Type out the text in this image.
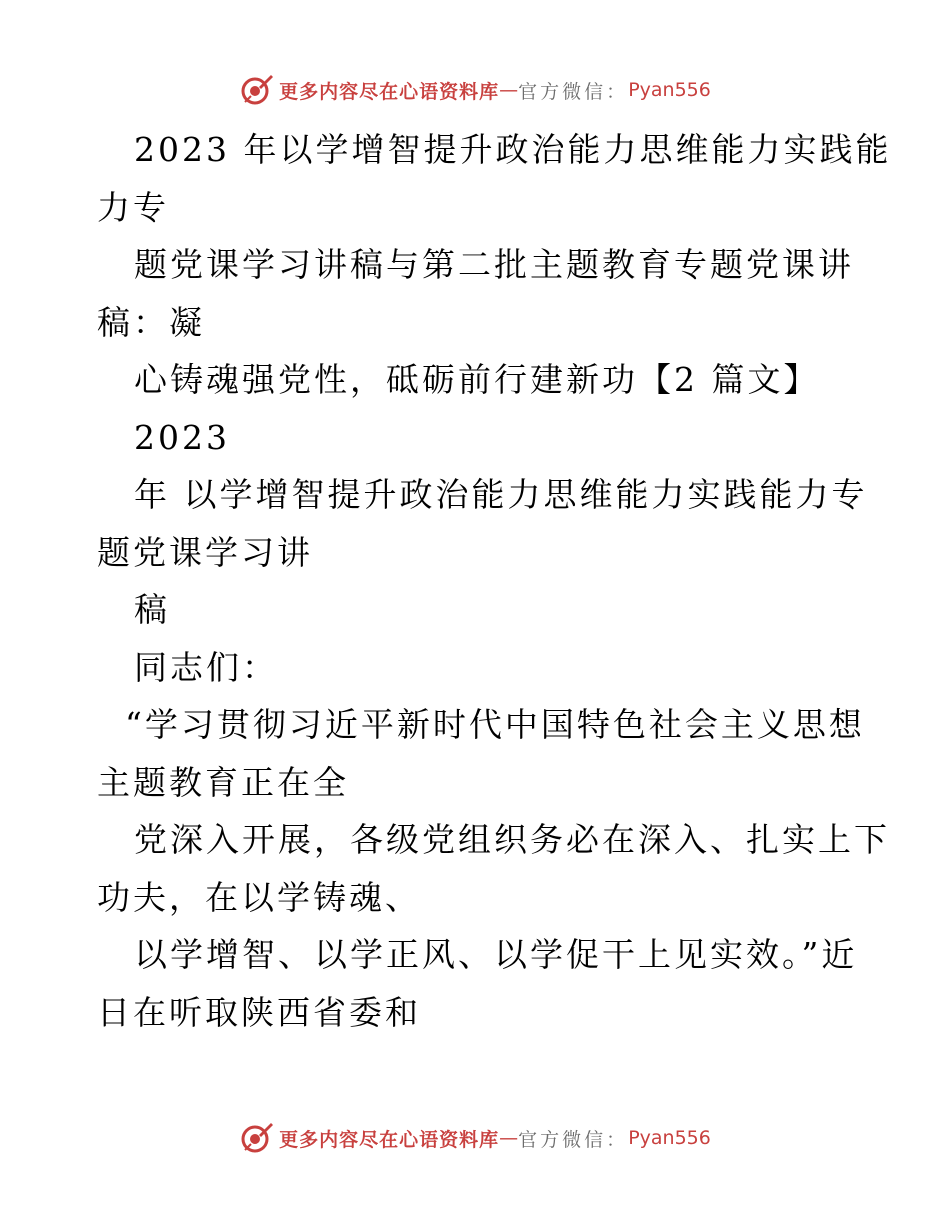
更多内容尽在心语资料库 — 官方微信： Pyan556
2023 年以学增智提升政治能力思维能力实践能
力专
题党课学习讲稿与第二批主题教育专题党课讲
稿：凝
心铸魂强党性，砥砺前行建新功【2 篇文】
2023
年 以学增智提升政治能力思维能力实践能力专
题党课学习讲
稿
同志们：
“学习贯彻习近平新时代中国特色社会主义思想
主题教育正在全
党深入开展，各级党组织务必在深入、扎实上下
功夫，在以学铸魂、
以学增智、以学正风、以学促干上见实效。”近
日在听取陕西省委和
更多内容尽在心语资料库 — 官方微信： Pyan556
